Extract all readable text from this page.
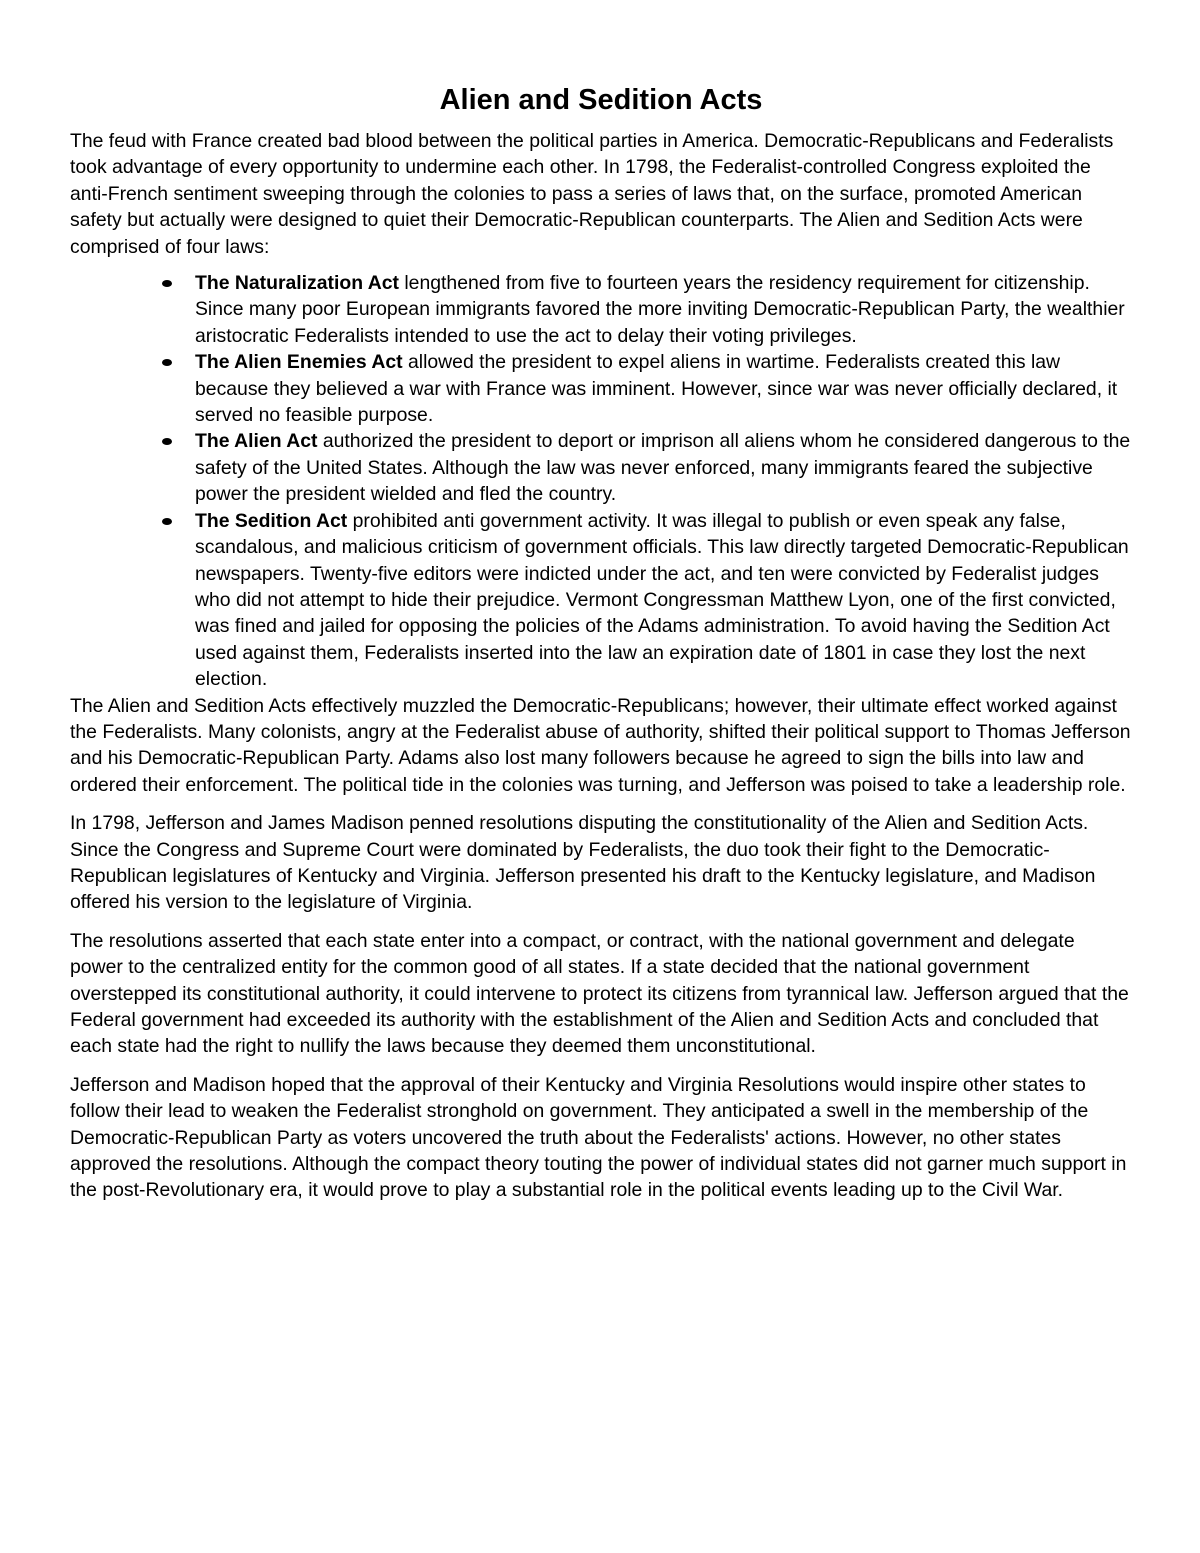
Alien and Sedition Acts

The feud with France created bad blood between the political parties in America. Democratic-Republicans and Federalists took advantage of every opportunity to undermine each other. In 1798, the Federalist-controlled Congress exploited the anti-French sentiment sweeping through the colonies to pass a series of laws that, on the surface, promoted American safety but actually were designed to quiet their Democratic-Republican counterparts. The Alien and Sedition Acts were comprised of four laws:

The Naturalization Act lengthened from five to fourteen years the residency requirement for citizenship. Since many poor European immigrants favored the more inviting Democratic-Republican Party, the wealthier aristocratic Federalists intended to use the act to delay their voting privileges.
The Alien Enemies Act allowed the president to expel aliens in wartime. Federalists created this law because they believed a war with France was imminent. However, since war was never officially declared, it served no feasible purpose.
The Alien Act authorized the president to deport or imprison all aliens whom he considered dangerous to the safety of the United States. Although the law was never enforced, many immigrants feared the subjective power the president wielded and fled the country.
The Sedition Act prohibited anti government activity. It was illegal to publish or even speak any false, scandalous, and malicious criticism of government officials. This law directly targeted Democratic-Republican newspapers. Twenty-five editors were indicted under the act, and ten were convicted by Federalist judges who did not attempt to hide their prejudice. Vermont Congressman Matthew Lyon, one of the first convicted, was fined and jailed for opposing the policies of the Adams administration. To avoid having the Sedition Act used against them, Federalists inserted into the law an expiration date of 1801 in case they lost the next election.

The Alien and Sedition Acts effectively muzzled the Democratic-Republicans; however, their ultimate effect worked against the Federalists. Many colonists, angry at the Federalist abuse of authority, shifted their political support to Thomas Jefferson and his Democratic-Republican Party. Adams also lost many followers because he agreed to sign the bills into law and ordered their enforcement. The political tide in the colonies was turning, and Jefferson was poised to take a leadership role.

In 1798, Jefferson and James Madison penned resolutions disputing the constitutionality of the Alien and Sedition Acts. Since the Congress and Supreme Court were dominated by Federalists, the duo took their fight to the Democratic-Republican legislatures of Kentucky and Virginia. Jefferson presented his draft to the Kentucky legislature, and Madison offered his version to the legislature of Virginia.

The resolutions asserted that each state enter into a compact, or contract, with the national government and delegate power to the centralized entity for the common good of all states. If a state decided that the national government overstepped its constitutional authority, it could intervene to protect its citizens from tyrannical law. Jefferson argued that the Federal government had exceeded its authority with the establishment of the Alien and Sedition Acts and concluded that each state had the right to nullify the laws because they deemed them unconstitutional.

Jefferson and Madison hoped that the approval of their Kentucky and Virginia Resolutions would inspire other states to follow their lead to weaken the Federalist stronghold on government. They anticipated a swell in the membership of the Democratic-Republican Party as voters uncovered the truth about the Federalists' actions. However, no other states approved the resolutions. Although the compact theory touting the power of individual states did not garner much support in the post-Revolutionary era, it would prove to play a substantial role in the political events leading up to the Civil War.
